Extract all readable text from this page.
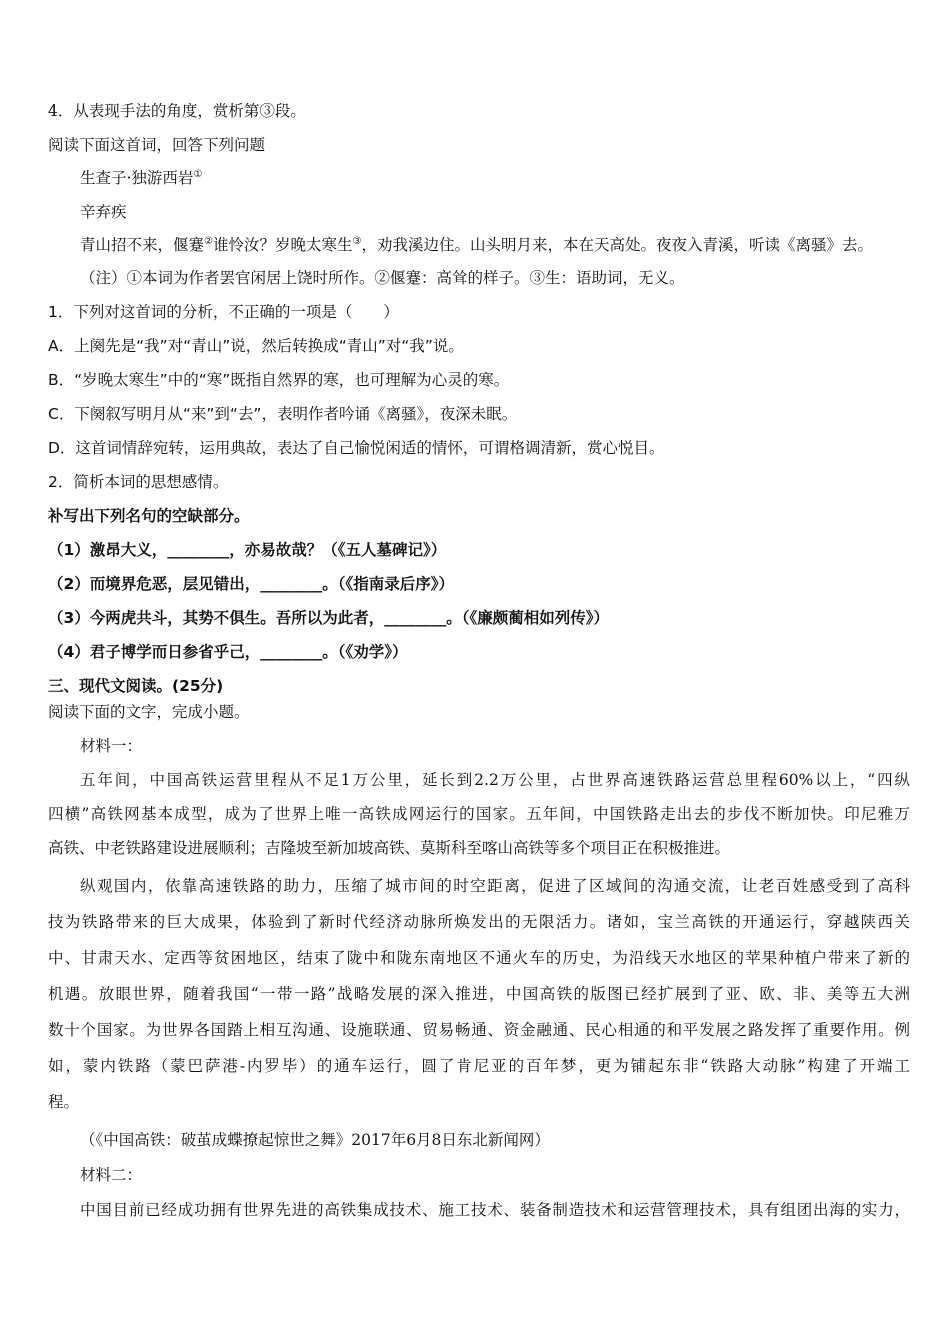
4．从表现手法的角度，赏析第③段。
阅读下面这首词，回答下列问题
生查子·独游西岩①
辛弃疾
青山招不来，偃蹇②谁怜汝？岁晚太寒生③，劝我溪边住。山头明月来，本在天高处。夜夜入青溪，听读《离骚》去。
（注）①本词为作者罢官闲居上饶时所作。②偃蹇：高耸的样子。③生：语助词，无义。
1．下列对这首词的分析，不正确的一项是（　　）
A．上阕先是“我”对“青山”说，然后转换成“青山”对“我”说。
B．“岁晚太寒生”中的“寒”既指自然界的寒，也可理解为心灵的寒。
C．下阕叙写明月从“来”到“去”，表明作者吟诵《离骚》，夜深未眠。
D．这首词情辞宛转，运用典故，表达了自己愉悦闲适的情怀，可谓格调清新，赏心悦目。
2．简析本词的思想感情。
补写出下列名句的空缺部分。
（1）激昂大义，________，亦易故哉？（《五人墓碑记》）
（2）而境界危恶，层见错出，________。（《指南录后序》）
（3）今两虎共斗，其势不俱生。吾所以为此者，________。（《廉颇蔺相如列传》）
（4）君子博学而日参省乎己，________。（《劝学》）
三、现代文阅读。(25分)
阅读下面的文字，完成小题。
材料一：
五年间，中国高铁运营里程从不足1万公里，延长到2.2万公里，占世界高速铁路运营总里程60%以上，“四纵
四横”高铁网基本成型，成为了世界上唯一高铁成网运行的国家。五年间，中国铁路走出去的步伐不断加快。印尼雅万
高铁、中老铁路建设进展顺利；吉隆坡至新加坡高铁、莫斯科至喀山高铁等多个项目正在积极推进。
纵观国内，依靠高速铁路的助力，压缩了城市间的时空距离，促进了区域间的沟通交流，让老百姓感受到了高科
技为铁路带来的巨大成果，体验到了新时代经济动脉所焕发出的无限活力。诸如，宝兰高铁的开通运行，穿越陕西关
中、甘肃天水、定西等贫困地区，结束了陇中和陇东南地区不通火车的历史，为沿线天水地区的苹果种植户带来了新的
机遇。放眼世界，随着我国“一带一路”战略发展的深入推进，中国高铁的版图已经扩展到了亚、欧、非、美等五大洲
数十个国家。为世界各国踏上相互沟通、设施联通、贸易畅通、资金融通、民心相通的和平发展之路发挥了重要作用。例
如，蒙内铁路（蒙巴萨港-内罗毕）的通车运行，圆了肯尼亚的百年梦，更为铺起东非“铁路大动脉”构建了开端工
程。
（《中国高铁：破茧成蝶撩起惊世之舞》2017年6月8日东北新闻网）
材料二：
中国目前已经成功拥有世界先进的高铁集成技术、施工技术、装备制造技术和运营管理技术，具有组团出海的实力，
